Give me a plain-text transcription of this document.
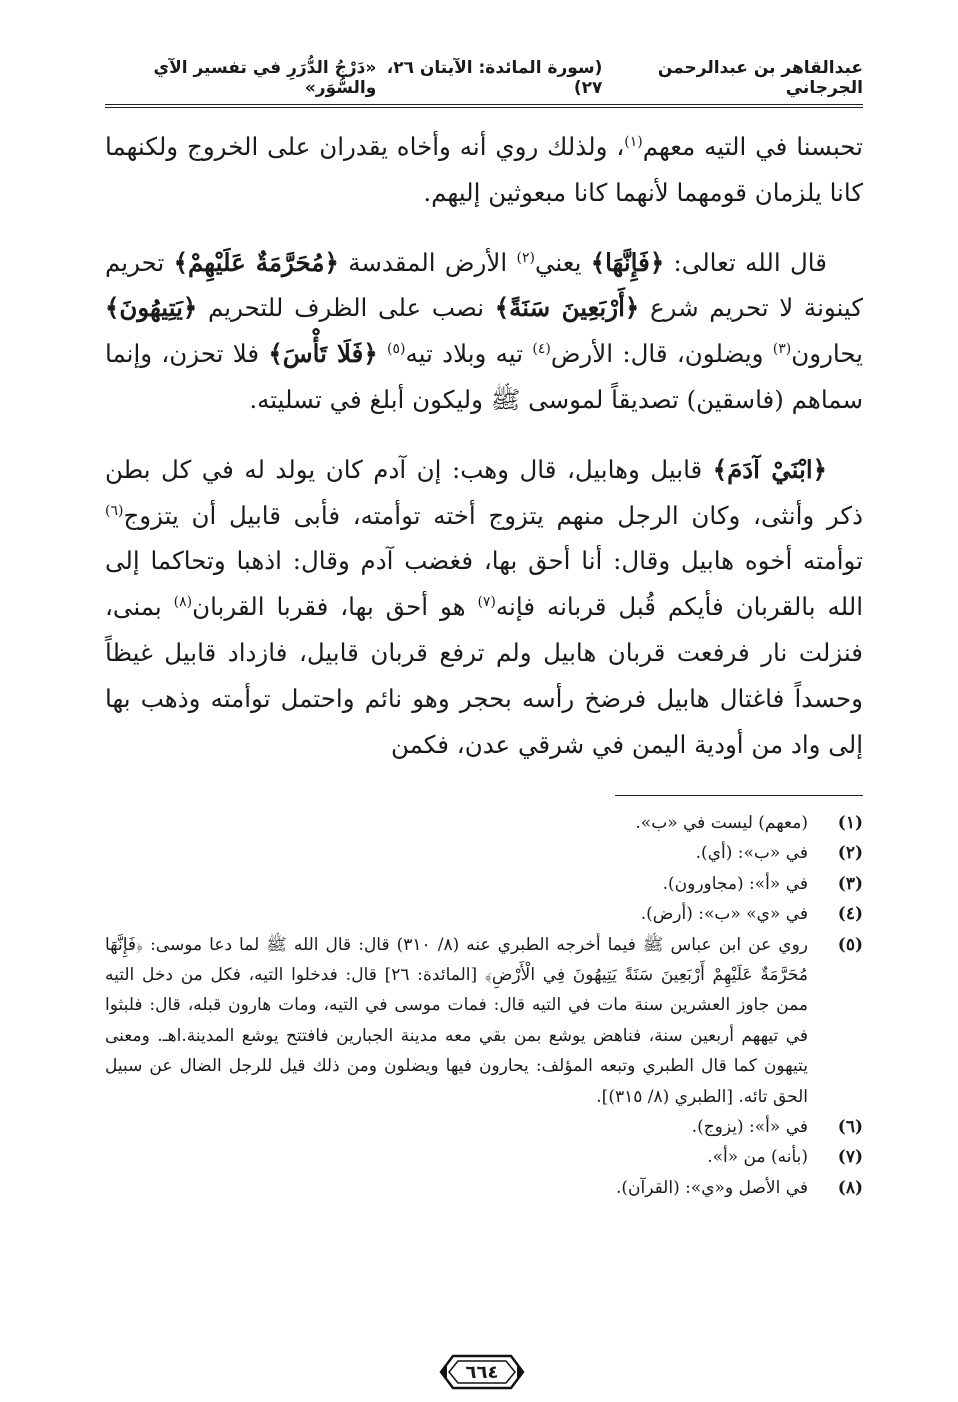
عبدالقاهر بن عبدالرحمن الجرجاني
(سورة المائدة: الآيتان ٢٦، ٢٧)
«دَرْجُ الدُّرَرِ في تفسير الآي والسُّوَر»

تحبسنا في التيه معهم$^{(١)}$، ولذلك روي أنه وأخاه يقدران على الخروج ولكنهما كانا يلزمان قومهما لأنهما كانا مبعوثين إليهم.

قال الله تعالى: ﴿فَإِنَّهَا﴾ يعني$^{(٢)}$ الأرض المقدسة ﴿مُحَرَّمَةٌ عَلَيْهِمْ﴾ تحريم كينونة لا تحريم شرع ﴿أَرْبَعِينَ سَنَةً﴾ نصب على الظرف للتحريم ﴿يَتِيهُونَ﴾ يحارون$^{(٣)}$ ويضلون، قال: الأرض$^{(٤)}$ تيه وبلاد تيه$^{(٥)}$ ﴿فَلَا تَأْسَ﴾ فلا تحزن، وإنما سماهم (فاسقين) تصديقاً لموسى ﷺ وليكون أبلغ في تسليته.

﴿ابْنَيْ آدَمَ﴾ قابيل وهابيل، قال وهب: إن آدم كان يولد له في كل بطن ذكر وأنثى، وكان الرجل منهم يتزوج أخته توأمته، فأبى قابيل أن يتزوج$^{(٦)}$ توأمته أخوه هابيل وقال: أنا أحق بها، فغضب آدم وقال: اذهبا وتحاكما إلى الله بالقربان فأيكم قُبل قربانه فإنه$^{(٧)}$ هو أحق بها، فقربا القربان$^{(٨)}$ بمنى، فنزلت نار فرفعت قربان هابيل ولم ترفع قربان قابيل، فازداد قابيل غيظاً وحسداً فاغتال هابيل فرضخ رأسه بحجر وهو نائم واحتمل توأمته وذهب بها إلى واد من أودية اليمن في شرقي عدن، فكمن

(١)
(معهم) ليست في «ب».
(٢)
في «ب»: (أي).
(٣)
في «أ»: (مجاورون).
(٤)
في «ي» «ب»: (أرض).
(٥)
روي عن ابن عباس ﷺ فيما أخرجه الطبري عنه (٨/ ٣١٠) قال: قال الله ﷺ لما دعا موسى: ﴿فَإِنَّهَا مُحَرَّمَةٌ عَلَيْهِمْ أَرْبَعِينَ سَنَةً يَتِيهُونَ فِي الْأَرْضِ﴾ [المائدة: ٢٦] قال: فدخلوا التيه، فكل من دخل التيه ممن جاوز العشرين سنة مات في التيه قال: فمات موسى في التيه، ومات هارون قبله، قال: فلبثوا في تيههم أربعين سنة، فناهض يوشع بمن بقي معه مدينة الجبارين فافتتح يوشع المدينة.اهـ. ومعنى يتيهون كما قال الطبري وتبعه المؤلف: يحارون فيها ويضلون ومن ذلك قيل للرجل الضال عن سبيل الحق تائه. [الطبري (٨/ ٣١٥)].
(٦)
في «أ»: (يزوج).
(٧)
(بأنه) من «أ».
(٨)
في الأصل و«ي»: (القرآن).
٦٦٤
